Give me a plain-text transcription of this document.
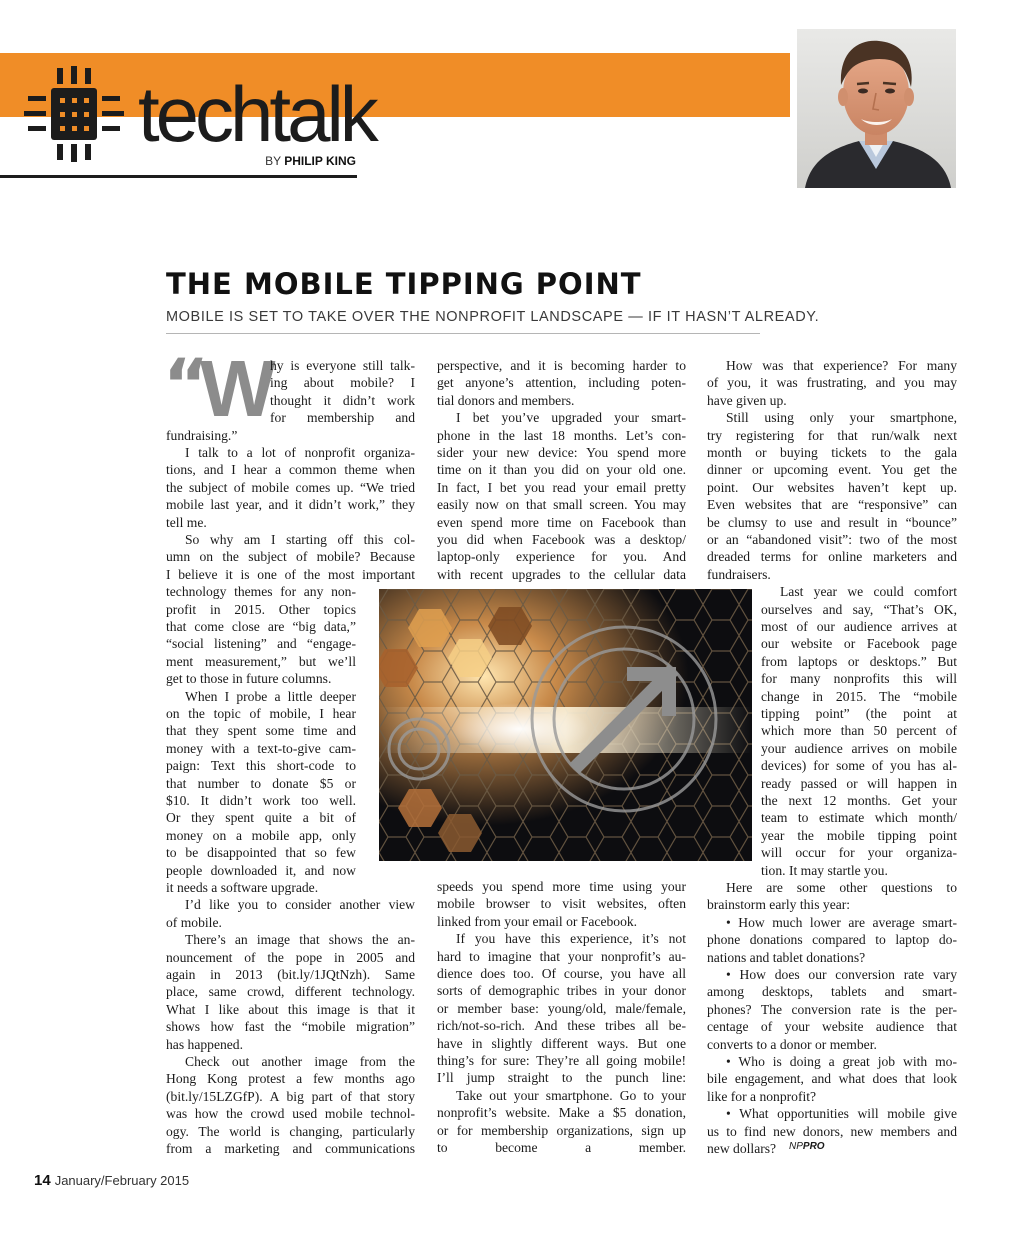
techtalk
BY PHILIP KING
THE MOBILE TIPPING POINT

MOBILE IS SET TO TAKE OVER THE NONPROFIT LANDSCAPE — IF IT HASN’T ALREADY.

“

W

hy is everyone still talk-

ing about mobile? I

thought it didn’t work

for membership and

fundraising.”

I talk to a lot of nonprofit organiza-

tions, and I hear a common theme when

the subject of mobile comes up. “We tried

mobile last year, and it didn’t work,” they

tell me.

So why am I starting off this col-

umn on the subject of mobile? Because

I believe it is one of the most important

technology themes for any non-

profit in 2015. Other topics

that come close are “big data,”

“social listening” and “engage-

ment measurement,” but we’ll

get to those in future columns.

When I probe a little deeper

on the topic of mobile, I hear

that they spent some time and

money with a text-to-give cam-

paign: Text this short-code to

that number to donate $5 or

$10. It didn’t work too well.

Or they spent quite a bit of

money on a mobile app, only

to be disappointed that so few

people downloaded it, and now

it needs a software upgrade.

I’d like you to consider another view

of mobile.

There’s an image that shows the an-

nouncement of the pope in 2005 and

again in 2013 (bit.ly/1JQtNzh). Same

place, same crowd, different technology.

What I like about this image is that it

shows how fast the “mobile migration”

has happened.

Check out another image from the

Hong Kong protest a few months ago

(bit.ly/15LZGfP). A big part of that story

was how the crowd used mobile technol-

ogy. The world is changing, particularly

from a marketing and communications

perspective, and it is becoming harder to

get anyone’s attention, including poten-

tial donors and members.

I bet you’ve upgraded your smart-

phone in the last 18 months. Let’s con-

sider your new device: You spend more

time on it than you did on your old one.

In fact, I bet you read your email pretty

easily now on that small screen. You may

even spend more time on Facebook than

you did when Facebook was a desktop/

laptop-only experience for you. And

with recent upgrades to the cellular data

speeds you spend more time using your

mobile browser to visit websites, often

linked from your email or Facebook.

If you have this experience, it’s not

hard to imagine that your nonprofit’s au-

dience does too. Of course, you have all

sorts of demographic tribes in your donor

or member base: young/old, male/female,

rich/not-so-rich. And these tribes all be-

have in slightly different ways. But one

thing’s for sure: They’re all going mobile!

I’ll jump straight to the punch line:

Take out your smartphone. Go to your

nonprofit’s website. Make a $5 donation,

or for membership organizations, sign up

to become a member.

How was that experience? For many

of you, it was frustrating, and you may

have given up.

Still using only your smartphone,

try registering for that run/walk next

month or buying tickets to the gala

dinner or upcoming event. You get the

point. Our websites haven’t kept up.

Even websites that are “responsive” can

be clumsy to use and result in “bounce”

or an “abandoned visit”: two of the most

dreaded terms for online marketers and

fundraisers.

Last year we could comfort

ourselves and say, “That’s OK,

most of our audience arrives at

our website or Facebook page

from laptops or desktops.” But

for many nonprofits this will

change in 2015. The “mobile

tipping point” (the point at

which more than 50 percent of

your audience arrives on mobile

devices) for some of you has al-

ready passed or will happen in

the next 12 months. Get your

team to estimate which month/

year the mobile tipping point

will occur for your organiza-

tion. It may startle you.

Here are some other questions to

brainstorm early this year:

• How much lower are average smart-

phone donations compared to laptop do-

nations and tablet donations?

• How does our conversion rate vary

among desktops, tablets and smart-

phones? The conversion rate is the per-

centage of your website audience that

converts to a donor or member.

• Who is doing a great job with mo-

bile engagement, and what does that look

like for a nonprofit?

• What opportunities will mobile give

us to find new donors, new members and

new dollars?	NPPRO

14 January/February 2015
